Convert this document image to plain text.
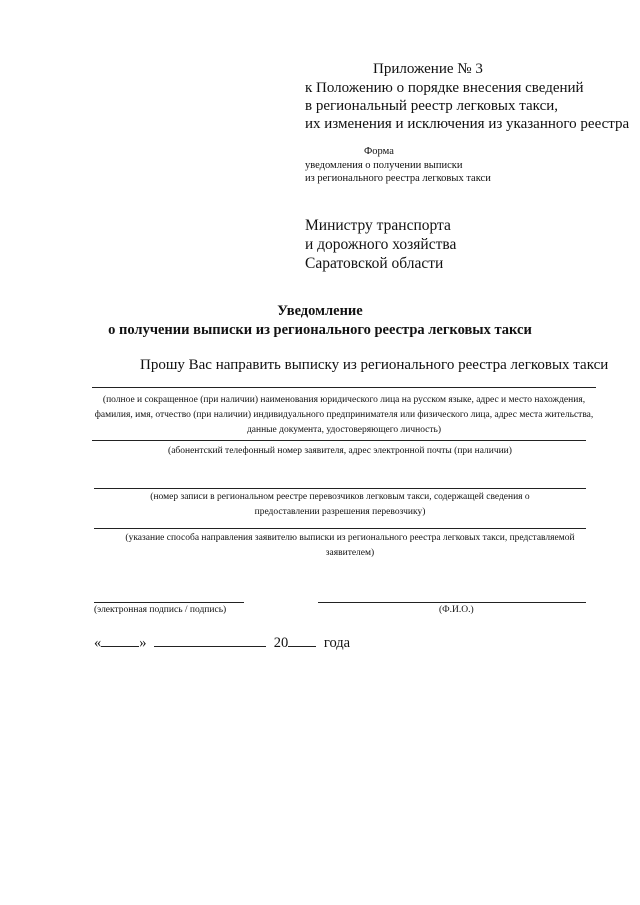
Приложение № 3
к Положению о порядке внесения сведений
в региональный реестр легковых такси,
их изменения и исключения из указанного реестра
Форма
уведомления о получении выписки
из регионального реестра легковых такси
Министру транспорта
и дорожного хозяйства
Саратовской области
Уведомление
о получении выписки из регионального реестра легковых такси
Прошу Вас направить выписку из регионального реестра легковых такси
(полное и сокращенное (при наличии) наименования юридического лица на русском языке, адрес и место нахождения, фамилия, имя, отчество (при наличии) индивидуального предпринимателя или физического лица, адрес места жительства, данные документа, удостоверяющего личность)
(абонентский телефонный номер заявителя, адрес электронной почты (при наличии)
(номер записи в региональном реестре перевозчиков легковым такси, содержащей сведения о предоставлении разрешения перевозчику)
(указание способа направления заявителю выписки из регионального реестра легковых такси, представляемой заявителем)
(электронная подпись / подпись)	(Ф.И.О.)
«	»	20 года
